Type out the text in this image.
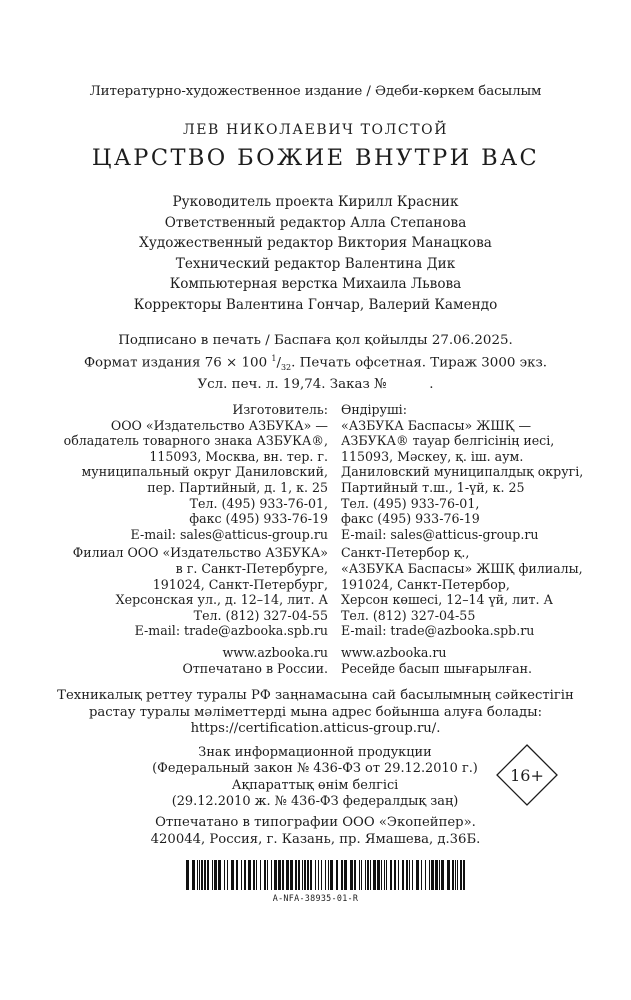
Литературно-художественное издание / Әдеби-көркем басылым
ЛЕВ НИКОЛАЕВИЧ ТОЛСТОЙ
ЦАРСТВО БОЖИЕ ВНУТРИ ВАС
Руководитель проекта Кирилл Красник
Ответственный редактор Алла Степанова
Художественный редактор Виктория Манацкова
Технический редактор Валентина Дик
Компьютерная верстка Михаила Львова
Корректоры Валентина Гончар, Валерий Камендо
Подписано в печать / Баспаға қол қойылды 27.06.2025.
Формат издания 76 × 100 $^1/_{32}$. Печать офсетная. Тираж 3000 экз.
Усл. печ. л. 19,74. Заказ №          .
Изготовитель:
ООО «Издательство АЗБУКА» —
обладатель товарного знака АЗБУКА®,
115093, Москва, вн. тер. г.
муниципальный округ Даниловский,
пер. Партийный, д. 1, к. 25
Тел. (495) 933-76-01,
факс (495) 933-76-19
E-mail: sales@atticus-group.ru
Филиал ООО «Издательство АЗБУКА»
в г. Санкт-Петербурге,
191024, Санкт-Петербург,
Херсонская ул., д. 12–14, лит. А
Тел. (812) 327-04-55
E-mail: trade@azbooka.spb.ru
www.azbooka.ru
Отпечатано в России.
Өндіруші:
«АЗБУКА Баспасы» ЖШҚ —
АЗБУКА® тауар белгісінің иесі,
115093, Мәскеу, қ. іш. аум.
Даниловский муниципалдық округі,
Партийный т.ш., 1-үй, к. 25
Тел. (495) 933-76-01,
факс (495) 933-76-19
E-mail: sales@atticus-group.ru
Санкт-Петербор қ.,
«АЗБУКА Баспасы» ЖШҚ филиалы,
191024, Санкт-Петербор,
Херсон көшесі, 12–14 үй, лит. А
Тел. (812) 327-04-55
E-mail: trade@azbooka.spb.ru
www.azbooka.ru
Ресейде басып шығарылған.
Техникалық реттеу туралы РФ заңнамасына сай басылымның сәйкестігін
растау туралы мәліметтерді мына адрес бойынша алуға болады:
https://certification.atticus-group.ru/.
Знак информационной продукции
(Федеральный закон № 436-ФЗ от 29.12.2010 г.)
Ақпараттық өнім белгісі
(29.12.2010 ж. № 436-ФЗ федералдық заң)
16+
Отпечатано в типографии ООО «Экопейпер».
420044, Россия, г. Казань, пр. Ямашева, д.36Б.
A-NFA-38935-01-R
